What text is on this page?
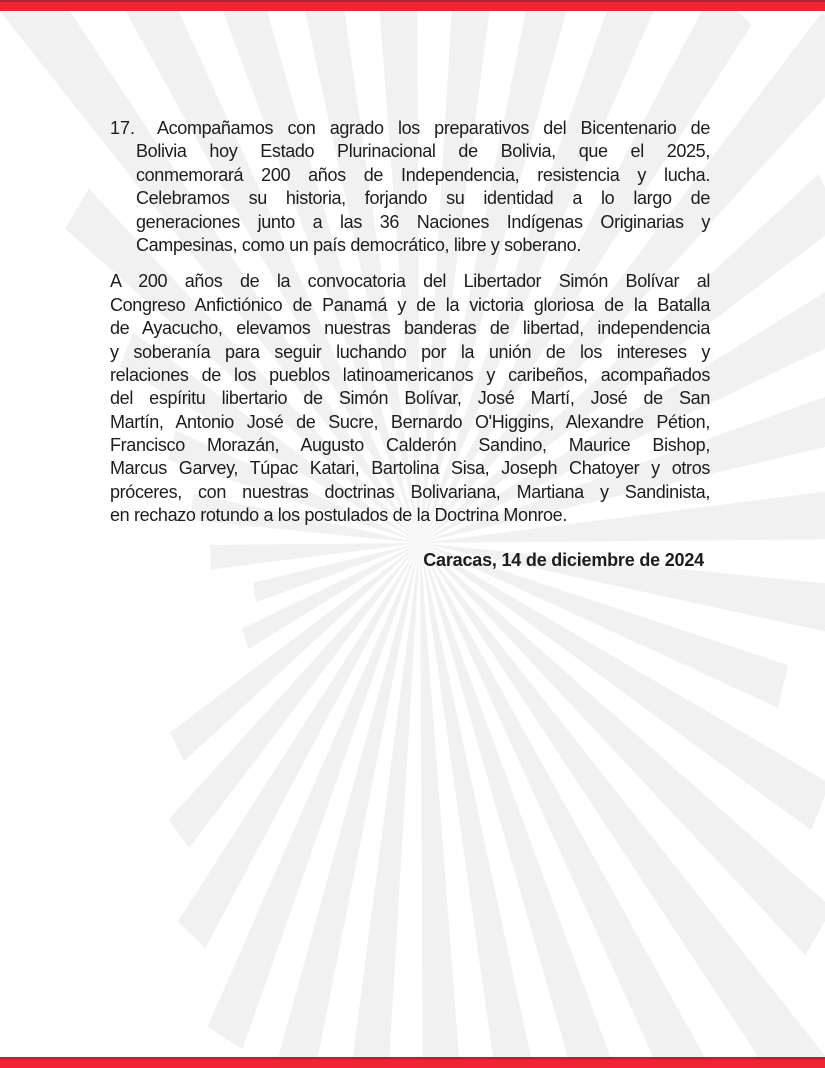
17. Acompañamos con agrado los preparativos del Bicentenario de
Bolivia hoy Estado Plurinacional de Bolivia, que el 2025,
conmemorará 200 años de Independencia, resistencia y lucha.
Celebramos su historia, forjando su identidad a lo largo de
generaciones junto a las 36 Naciones Indígenas Originarias y
Campesinas, como un país democrático, libre y soberano.
A 200 años de la convocatoria del Libertador Simón Bolívar al
Congreso Anfictiónico de Panamá y de la victoria gloriosa de la Batalla
de Ayacucho, elevamos nuestras banderas de libertad, independencia
y soberanía para seguir luchando por la unión de los intereses y
relaciones de los pueblos latinoamericanos y caribeños, acompañados
del espíritu libertario de Simón Bolívar, José Martí, José de San
Martín, Antonio José de Sucre, Bernardo O'Higgins, Alexandre Pétion,
Francisco Morazán, Augusto Calderón Sandino, Maurice Bishop,
Marcus Garvey, Túpac Katari, Bartolina Sisa, Joseph Chatoyer y otros
próceres, con nuestras doctrinas Bolivariana, Martiana y Sandinista,
en rechazo rotundo a los postulados de la Doctrina Monroe.
Caracas, 14 de diciembre de 2024
